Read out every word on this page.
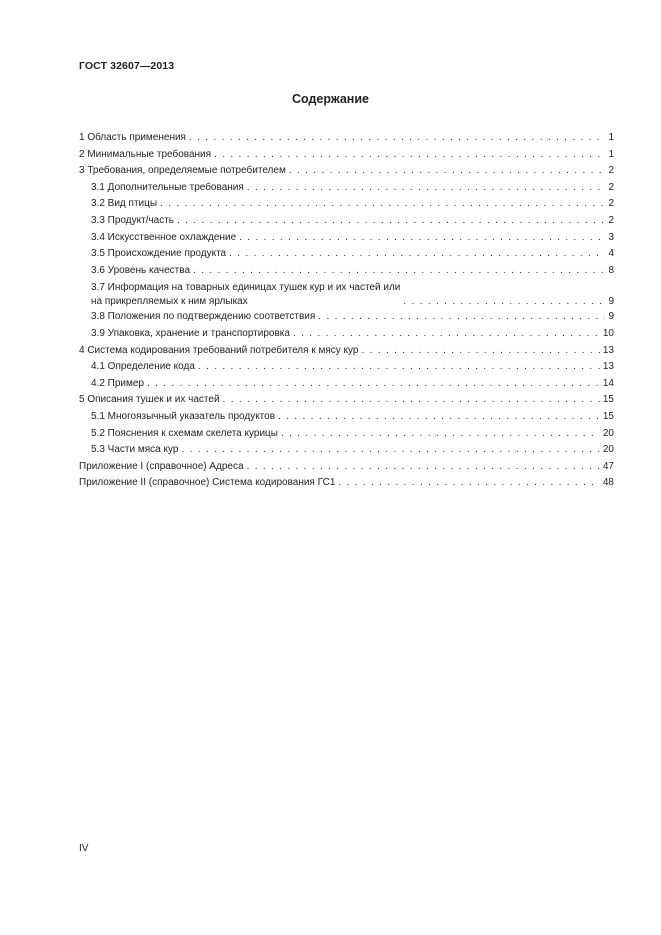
ГОСТ 32607—2013
Содержание
1 Область применения . . .	1
2 Минимальные требования . . .	1
3 Требования, определяемые потребителем . . .	2
3.1 Дополнительные требования . . .	2
3.2 Вид птицы . . .	2
3.3 Продукт/часть . . .	2
3.4 Искусственное охлаждение . . .	3
3.5 Происхождение продукта . . .	4
3.6 Уровень качества . . .	8
3.7 Информация на товарных единицах тушек кур и их частей или
на прикрепляемых к ним ярлыках . . .	9
3.8 Положения по подтверждению соответствия . . .	9
3.9 Упаковка, хранение и транспортировка . . .	10
4 Система кодирования требований потребителя к мясу кур . . .	13
4.1 Определение кода . . .	13
4.2 Пример . . .	14
5 Описания тушек и их частей . . .	15
5.1 Многоязычный указатель продуктов . . .	15
5.2 Пояснения к схемам скелета курицы . . .	20
5.3 Части мяса кур . . .	20
Приложение I (справочное) Адреса . . .	47
Приложение II (справочное) Система кодирования ГС1 . . .	48
IV
